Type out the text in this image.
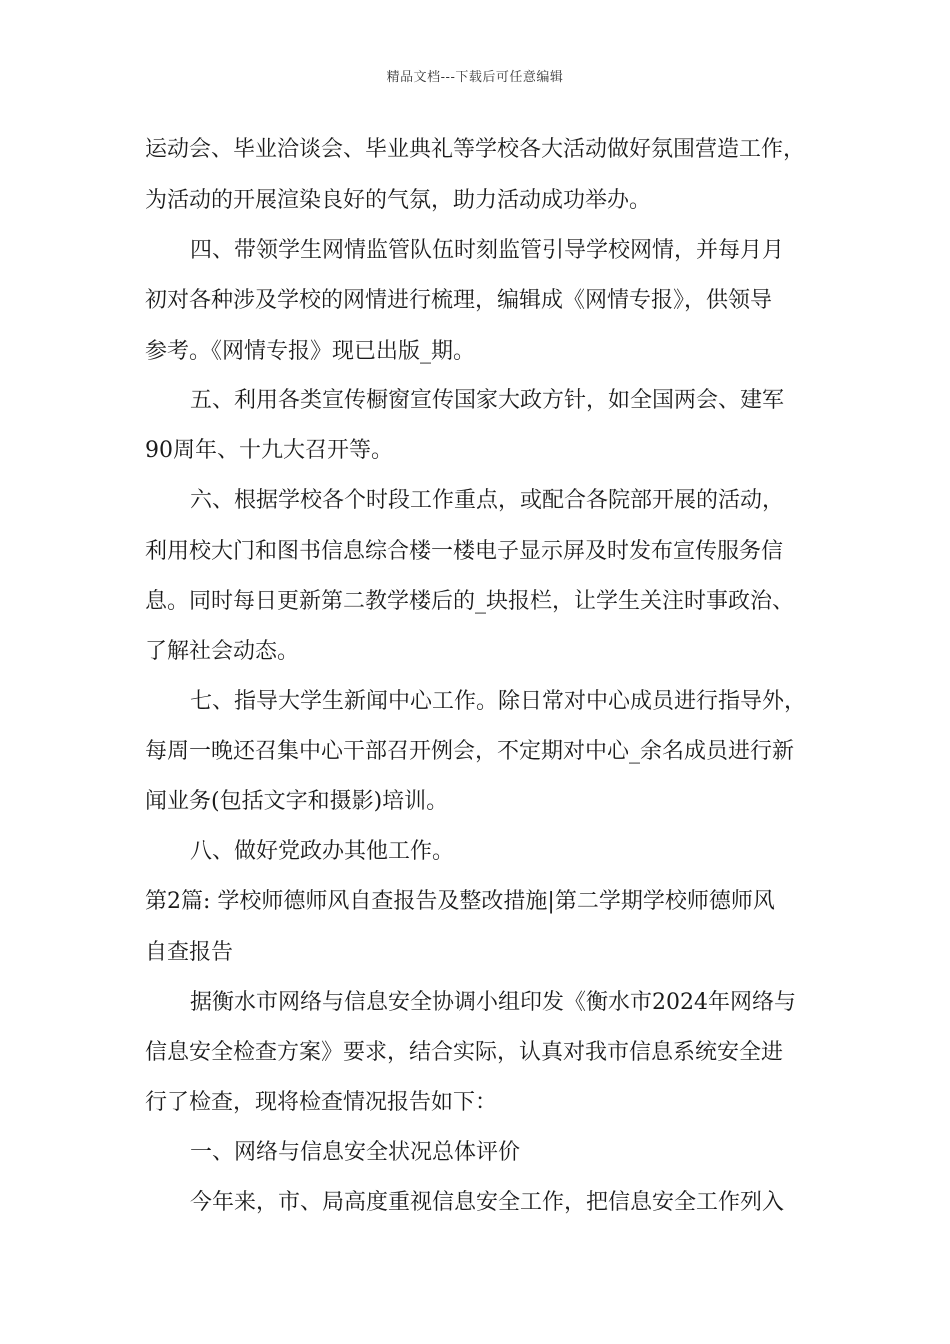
精品文档---下载后可任意编辑
运动会、毕业洽谈会、毕业典礼等学校各大活动做好氛围营造工作，
为活动的开展渲染良好的气氛，助力活动成功举办。
四、带领学生网情监管队伍时刻监管引导学校网情，并每月月
初对各种涉及学校的网情进行梳理，编辑成《网情专报》，供领导
参考。《网情专报》现已出版_期。
五、利用各类宣传橱窗宣传国家大政方针，如全国两会、建军
90周年、十九大召开等。
六、根据学校各个时段工作重点，或配合各院部开展的活动，
利用校大门和图书信息综合楼一楼电子显示屏及时发布宣传服务信
息。同时每日更新第二教学楼后的_块报栏，让学生关注时事政治、
了解社会动态。
七、指导大学生新闻中心工作。除日常对中心成员进行指导外，
每周一晚还召集中心干部召开例会，不定期对中心_余名成员进行新
闻业务(包括文字和摄影)培训。
八、做好党政办其他工作。
第2篇: 学校师德师风自查报告及整改措施|第二学期学校师德师风
自查报告
据衡水市网络与信息安全协调小组印发《衡水市2024年网络与
信息安全检查方案》要求，结合实际，认真对我市信息系统安全进
行了检查，现将检查情况报告如下：
一、网络与信息安全状况总体评价
今年来，市、局高度重视信息安全工作，把信息安全工作列入
